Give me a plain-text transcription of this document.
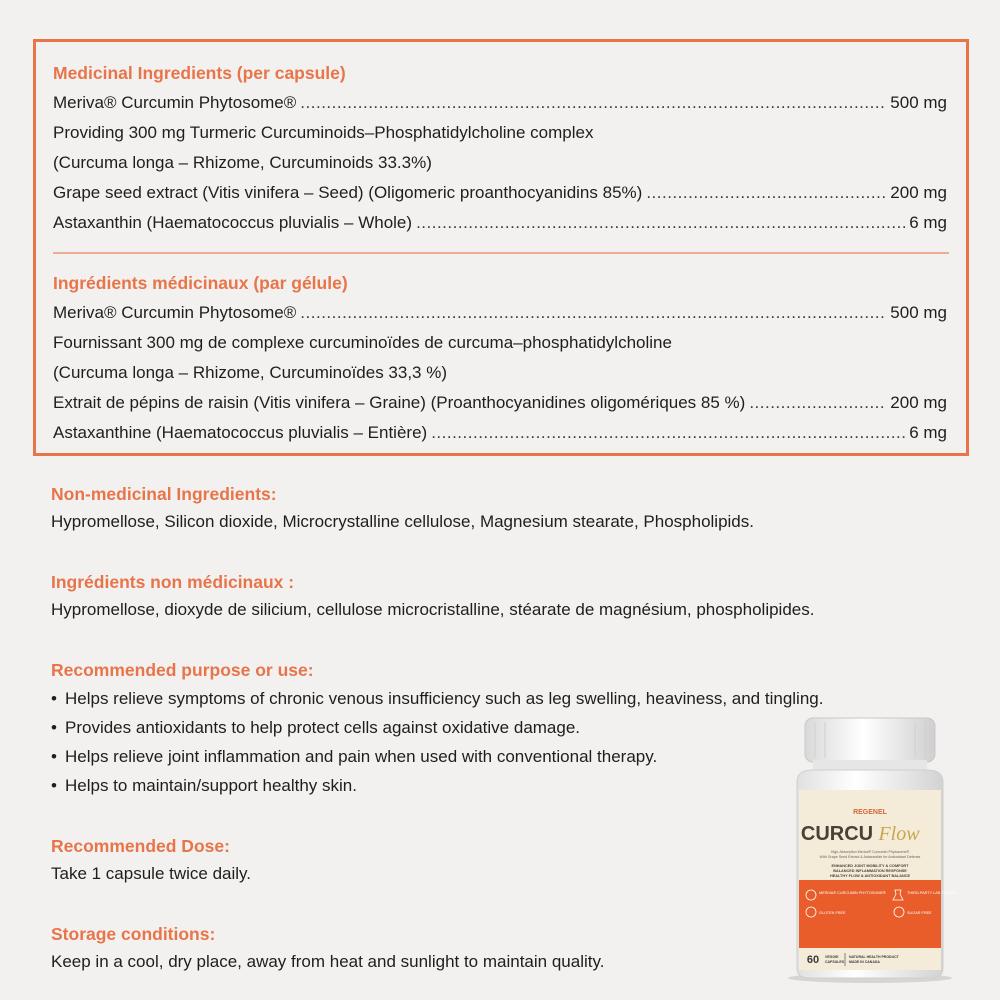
Medicinal Ingredients (per capsule)
Meriva® Curcumin Phytosome® .....	500 mg
Providing 300 mg Turmeric Curcuminoids–Phosphatidylcholine complex
(Curcuma longa – Rhizome, Curcuminoids 33.3%)
Grape seed extract (Vitis vinifera – Seed) (Oligomeric proanthocyanidins 85%) .....	200 mg
Astaxanthin (Haematococcus pluvialis – Whole) .....	6 mg
Ingrédients médicinaux (par gélule)
Meriva® Curcumin Phytosome® .....	500 mg
Fournissant 300 mg de complexe curcuminoïdes de curcuma–phosphatidylcholine
(Curcuma longa – Rhizome, Curcuminoïdes 33,3 %)
Extrait de pépins de raisin (Vitis vinifera – Graine) (Proanthocyanidines oligomériques 85 %) .....	200 mg
Astaxanthine (Haematococcus pluvialis – Entière) .....	6 mg
Non-medicinal Ingredients:
Hypromellose, Silicon dioxide, Microcrystalline cellulose, Magnesium stearate, Phospholipids.
Ingrédients non médicinaux :
Hypromellose, dioxyde de silicium, cellulose microcristalline, stéarate de magnésium, phospholipides.
Recommended purpose or use:
• Helps relieve symptoms of chronic venous insufficiency such as leg swelling, heaviness, and tingling.
• Provides antioxidants to help protect cells against oxidative damage.
• Helps relieve joint inflammation and pain when used with conventional therapy.
• Helps to maintain/support healthy skin.
Recommended Dose:
Take 1 capsule twice daily.
Storage conditions:
Keep in a cool, dry place, away from heat and sunlight to maintain quality.
REGENEL
CURCU Flow
High-Absorption Meriva® Curcumin Phytosome®
With Grape Seed Extract & Astaxanthin for Antioxidant Defense
ENHANCED JOINT MOBILITY & COMFORT
BALANCED INFLAMMATION RESPONSE
HEALTHY FLOW & ANTIOXIDANT BALANCE
MERIVA® CURCUMIN PHYTOSOME®	THIRD-PARTY LAB TESTED
GLUTEN FREE	SUGAR FREE
60 VEGGIE
CAPSULES
NATURAL HEALTH PRODUCT
MADE IN CANADA
